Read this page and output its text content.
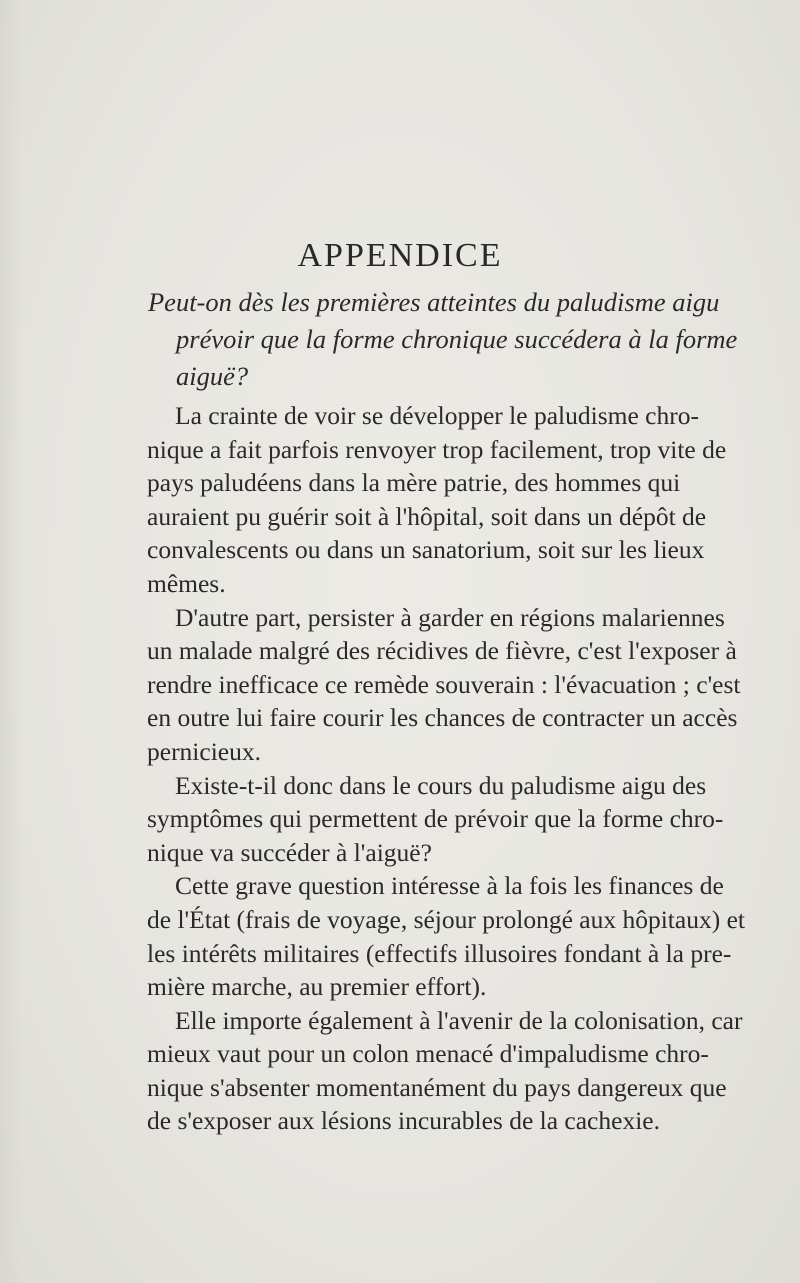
APPENDICE

Peut-on dès les premières atteintes du paludisme aigu
prévoir que la forme chronique succédera à la forme
aiguë?

La crainte de voir se développer le paludisme chro-
nique a fait parfois renvoyer trop facilement, trop vite de
pays paludéens dans la mère patrie, des hommes qui
auraient pu guérir soit à l'hôpital, soit dans un dépôt de
convalescents ou dans un sanatorium, soit sur les lieux
mêmes.
D'autre part, persister à garder en régions malariennes
un malade malgré des récidives de fièvre, c'est l'exposer à
rendre inefficace ce remède souverain : l'évacuation ; c'est
en outre lui faire courir les chances de contracter un accès
pernicieux.
Existe-t-il donc dans le cours du paludisme aigu des
symptômes qui permettent de prévoir que la forme chro-
nique va succéder à l'aiguë?
Cette grave question intéresse à la fois les finances de
de l'État (frais de voyage, séjour prolongé aux hôpitaux) et
les intérêts militaires (effectifs illusoires fondant à la pre-
mière marche, au premier effort).
Elle importe également à l'avenir de la colonisation, car
mieux vaut pour un colon menacé d'impaludisme chro-
nique s'absenter momentanément du pays dangereux que
de s'exposer aux lésions incurables de la cachexie.
